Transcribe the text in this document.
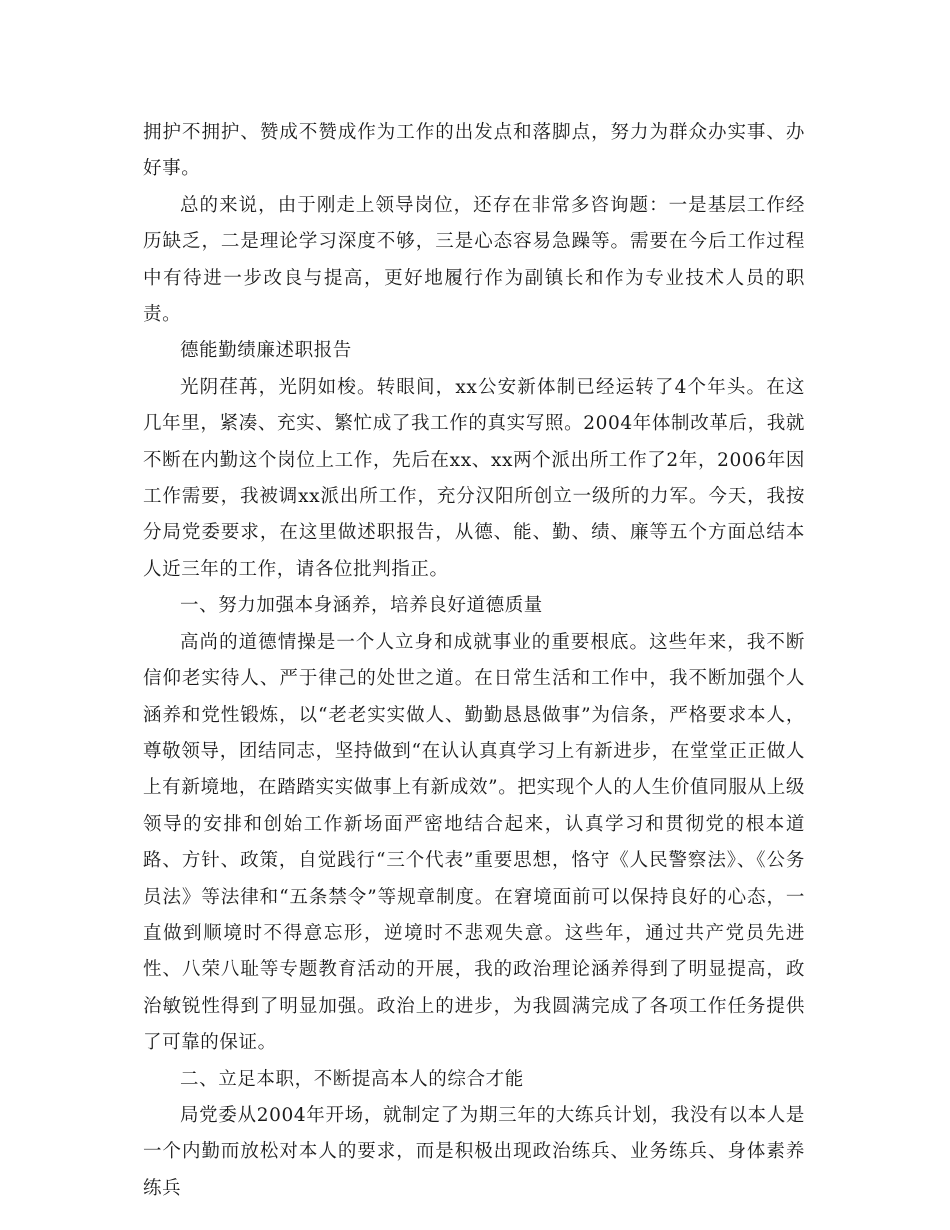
拥护不拥护、赞成不赞成作为工作的出发点和落脚点，努力为群众办实事、办好事。

总的来说，由于刚走上领导岗位，还存在非常多咨询题：一是基层工作经历缺乏，二是理论学习深度不够，三是心态容易急躁等。需要在今后工作过程中有待进一步改良与提高，更好地履行作为副镇长和作为专业技术人员的职责。

德能勤绩廉述职报告

光阴荏苒，光阴如梭。转眼间，xx公安新体制已经运转了4个年头。在这几年里，紧凑、充实、繁忙成了我工作的真实写照。2004年体制改革后，我就不断在内勤这个岗位上工作，先后在xx、xx两个派出所工作了2年，2006年因工作需要，我被调xx派出所工作，充分汉阳所创立一级所的力军。今天，我按分局党委要求，在这里做述职报告，从德、能、勤、绩、廉等五个方面总结本人近三年的工作，请各位批判指正。

一、努力加强本身涵养，培养良好道德质量

高尚的道德情操是一个人立身和成就事业的重要根底。这些年来，我不断信仰老实待人、严于律己的处世之道。在日常生活和工作中，我不断加强个人涵养和党性锻炼，以“老老实实做人、勤勤恳恳做事”为信条，严格要求本人，尊敬领导，团结同志，坚持做到“在认认真真学习上有新进步，在堂堂正正做人上有新境地，在踏踏实实做事上有新成效”。把实现个人的人生价值同服从上级领导的安排和创始工作新场面严密地结合起来，认真学习和贯彻党的根本道路、方针、政策，自觉践行“三个代表”重要思想，恪守《人民警察法》、《公务员法》等法律和“五条禁令”等规章制度。在窘境面前可以保持良好的心态，一直做到顺境时不得意忘形，逆境时不悲观失意。这些年，通过共产党员先进性、八荣八耻等专题教育活动的开展，我的政治理论涵养得到了明显提高，政治敏锐性得到了明显加强。政治上的进步，为我圆满完成了各项工作任务提供了可靠的保证。

二、立足本职，不断提高本人的综合才能

局党委从2004年开场，就制定了为期三年的大练兵计划，我没有以本人是一个内勤而放松对本人的要求，而是积极出现政治练兵、业务练兵、身体素养练兵
